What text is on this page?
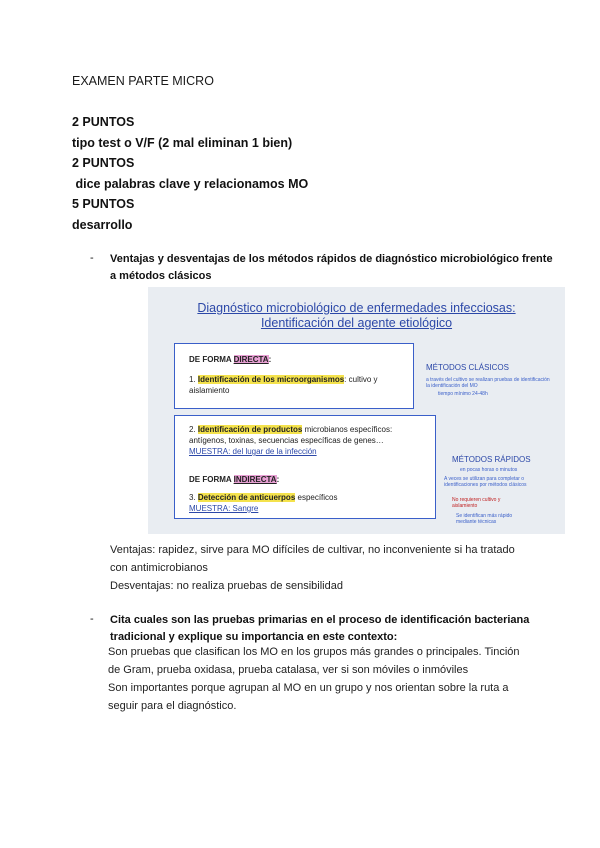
EXAMEN PARTE MICRO
2 PUNTOS
tipo test o V/F (2 mal eliminan 1 bien)
2 PUNTOS
dice palabras clave y relacionamos MO
5 PUNTOS
desarrollo
- Ventajas y desventajas de los métodos rápidos de diagnóstico microbiológico frente
a métodos clásicos
Diagnóstico microbiológico de enfermedades infecciosas:
Identificación del agente etiológico
DE FORMA DIRECTA:
1. Identificación de los microorganismos: cultivo y
aislamiento
2. Identificación de productos microbianos específicos:
antígenos, toxinas, secuencias específicas de genes…
MUESTRA: del lugar de la infección
DE FORMA INDIRECTA:
3. Detección de anticuerpos específicos
MUESTRA: Sangre
MÉTODOS CLÁSICOS
a través del cultivo se realizan pruebas de identificación
la identificación del MO
tiempo mínimo 24-48h
MÉTODOS RÁPIDOS
en pocas horas o minutos
A veces se utilizan para completar o
identificaciones por métodos clásicos
No requieren cultivo y
aislamiento
Se identifican más rápido
mediante técnicas
Ventajas: rapidez, sirve para MO difíciles de cultivar, no inconveniente si ha tratado
con antimicrobianos
Desventajas: no realiza pruebas de sensibilidad
- Cita cuales son las pruebas primarias en el proceso de identificación bacteriana
tradicional y explique su importancia en este contexto:
Son pruebas que clasifican los MO en los grupos más grandes o principales. Tinción
de Gram, prueba oxidasa, prueba catalasa, ver si son móviles o inmóviles
Son importantes porque agrupan al MO en un grupo y nos orientan sobre la ruta a
seguir para el diagnóstico.
